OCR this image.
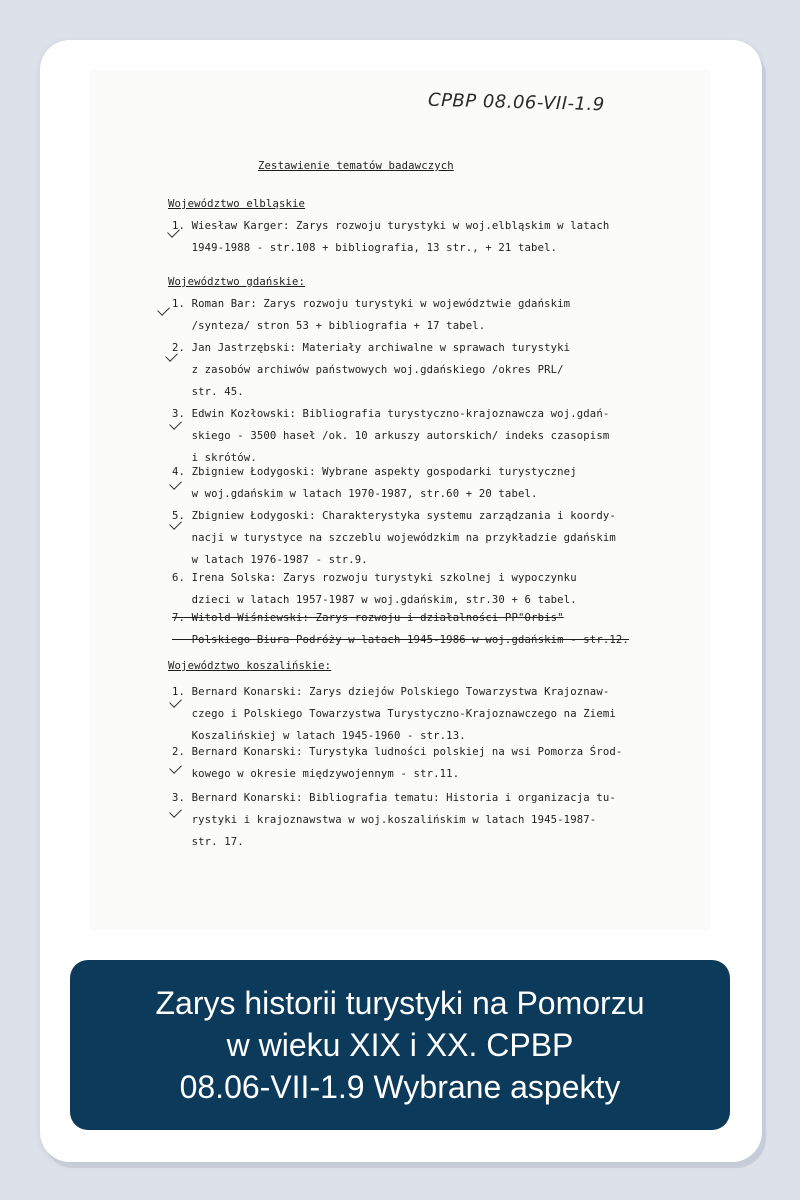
CPBP 08.06-VII-1.9
Zestawienie tematów badawczych
Województwo elbląskie
1. Wiesław Karger: Zarys rozwoju turystyki w woj.elbląskim w latach
1949-1988 - str.108 + bibliografia, 13 str., + 21 tabel.
Województwo gdańskie:
1. Roman Bar: Zarys rozwoju turystyki w województwie gdańskim
/synteza/ stron 53 + bibliografia + 17 tabel.
2. Jan Jastrzębski: Materiały archiwalne w sprawach turystyki
z zasobów archiwów państwowych woj.gdańskiego /okres PRL/
str. 45.
3. Edwin Kozłowski: Bibliografia turystyczno-krajoznawcza woj.gdań-
skiego - 3500 haseł /ok. 10 arkuszy autorskich/ indeks czasopism
i skrótów.
4. Zbigniew Łodygoski: Wybrane aspekty gospodarki turystycznej
w woj.gdańskim w latach 1970-1987, str.60 + 20 tabel.
5. Zbigniew Łodygoski: Charakterystyka systemu zarządzania i koordy-
nacji w turystyce na szczeblu wojewódzkim na przykładzie gdańskim
w latach 1976-1987 - str.9.
6. Irena Solska: Zarys rozwoju turystyki szkolnej i wypoczynku
dzieci w latach 1957-1987 w woj.gdańskim, str.30 + 6 tabel.
7. Witold Wiśniewski: Zarys rozwoju i działalności PP"Orbis"
Polskiego Biura Podróży w latach 1945-1986 w woj.gdańskim - str.12.
Województwo koszalińskie:
1. Bernard Konarski: Zarys dziejów Polskiego Towarzystwa Krajoznaw-
czego i Polskiego Towarzystwa Turystyczno-Krajoznawczego na Ziemi
Koszalińskiej w latach 1945-1960 - str.13.
2. Bernard Konarski: Turystyka ludności polskiej na wsi Pomorza Środ-
kowego w okresie międzywojennym - str.11.
3. Bernard Konarski: Bibliografia tematu: Historia i organizacja tu-
rystyki i krajoznawstwa w woj.koszalińskim w latach 1945-1987-
str. 17.
Zarys historii turystyki na Pomorzu
w wieku XIX i XX. CPBP
08.06-VII-1.9 Wybrane aspekty
